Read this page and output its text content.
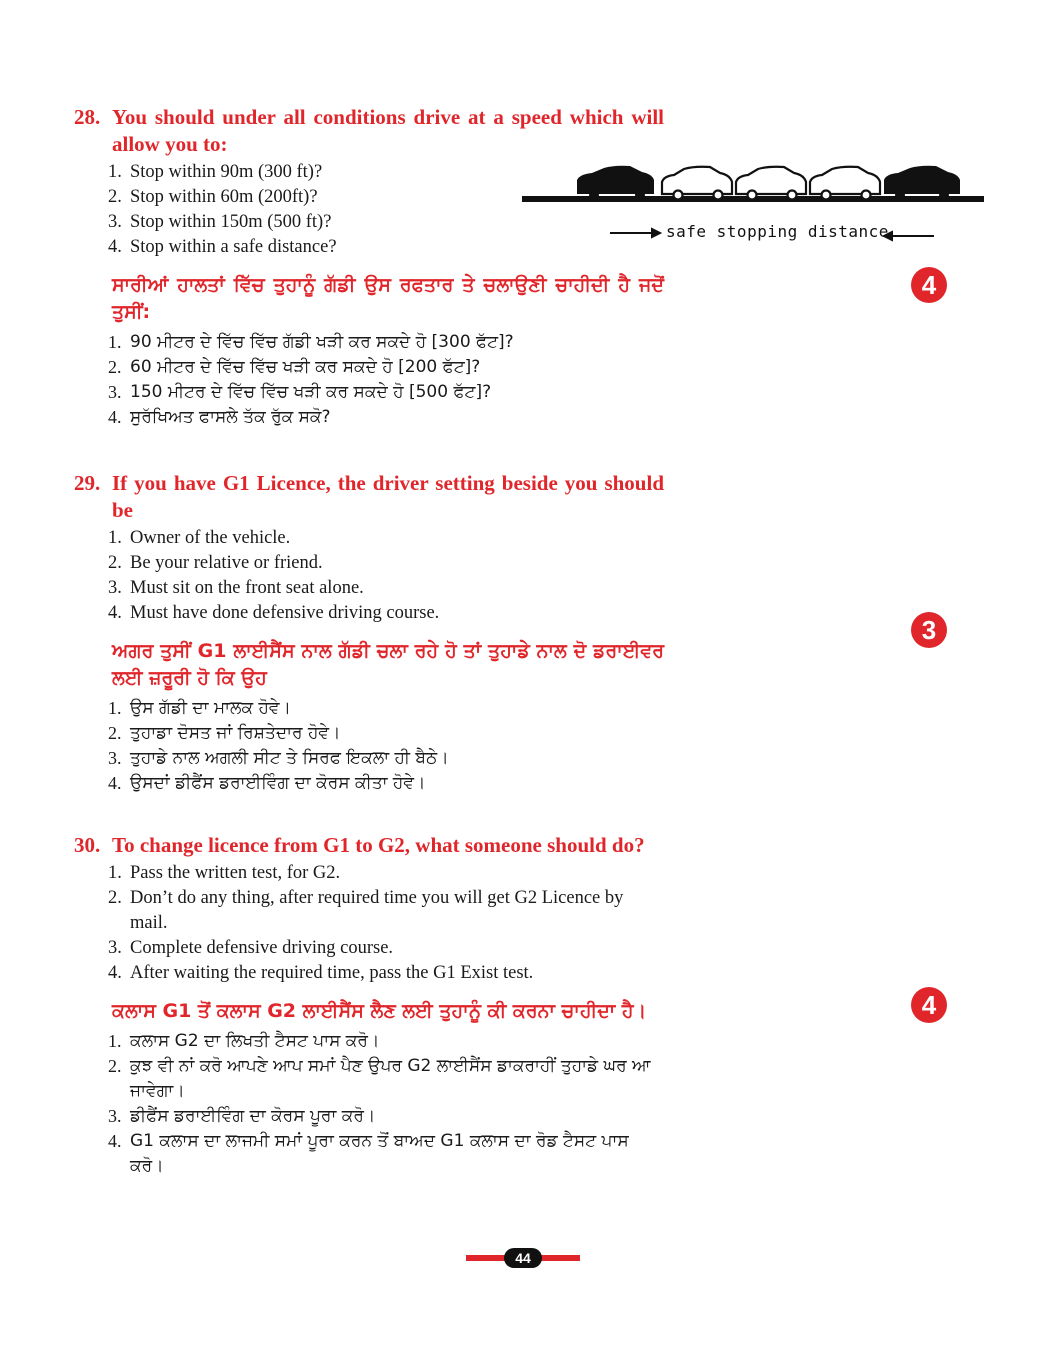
28. You should under all conditions drive at a speed which will allow you to:
1. Stop within 90m (300 ft)?
2. Stop within 60m (200ft)?
3. Stop within 150m (500 ft)?
4. Stop within a safe distance?
ਸਾਰੀਆਂ ਹਾਲਤਾਂ ਵਿੱਚ ਤੁਹਾਨੂੰ ਗੱਡੀ ਉਸ ਰਫਤਾਰ ਤੇ ਚਲਾਉਣੀ ਚਾਹੀਦੀ ਹੈ ਜਦੋਂ ਤੁਸੀਂ:
1. 90 ਮੀਟਰ ਦੇ ਵਿੱਚ ਵਿੱਚ ਗੱਡੀ ਖੜੀ ਕਰ ਸਕਦੇ ਹੋ [300 ਫੱਟ]?
2. 60 ਮੀਟਰ ਦੇ ਵਿੱਚ ਵਿੱਚ ਖੜੀ ਕਰ ਸਕਦੇ ਹੋ [200 ਫੱਟ]?
3. 150 ਮੀਟਰ ਦੇ ਵਿੱਚ ਵਿੱਚ ਖੜੀ ਕਰ ਸਕਦੇ ਹੋ [500 ਫੱਟ]?
4. ਸੁਰੱਖਿਅਤ ਫਾਸਲੇ ਤੱਕ ਰੁੱਕ ਸਕੋ?
4
safe stopping distance
29. If you have G1 Licence, the driver setting beside you should be
1. Owner of the vehicle.
2. Be your relative or friend.
3. Must sit on the front seat alone.
4. Must have done defensive driving course.
ਅਗਰ ਤੁਸੀਂ G1 ਲਾਈਸੈਂਸ ਨਾਲ ਗੱਡੀ ਚਲਾ ਰਹੇ ਹੋ ਤਾਂ ਤੁਹਾਡੇ ਨਾਲ ਦੋ ਡਰਾਈਵਰ ਲਈ ਜ਼ਰੂਰੀ ਹੋ ਕਿ ਉਹ
1. ਉਸ ਗੱਡੀ ਦਾ ਮਾਲਕ ਹੋਵੇ।
2. ਤੁਹਾਡਾ ਦੋਸਤ ਜਾਂ ਰਿਸ਼ਤੇਦਾਰ ਹੋਵੇ।
3. ਤੁਹਾਡੇ ਨਾਲ ਅਗਲੀ ਸੀਟ ਤੇ ਸਿਰਫ ਇਕਲਾ ਹੀ ਬੈਠੇ।
4. ਉਸਦਾਂ ਡੀਫੈਂਸ ਡਰਾਈਵਿੰਗ ਦਾ ਕੋਰਸ ਕੀਤਾ ਹੋਵੇ।
3
30. To change licence from G1 to G2, what someone should do?
1. Pass the written test, for G2.
2. Don’t do any thing, after required time you will get G2 Licence by mail.
3. Complete defensive driving course.
4. After waiting the required time, pass the G1 Exist test.
ਕਲਾਸ G1 ਤੋਂ ਕਲਾਸ G2 ਲਾਈਸੈਂਸ ਲੈਣ ਲਈ ਤੁਹਾਨੂੰ ਕੀ ਕਰਨਾ ਚਾਹੀਦਾ ਹੈ।
1. ਕਲਾਸ G2 ਦਾ ਲਿਖਤੀ ਟੈਸਟ ਪਾਸ ਕਰੋ।
2. ਕੁਝ ਵੀ ਨਾਂ ਕਰੋ ਆਪਣੇ ਆਪ ਸਮਾਂ ਪੈਣ ਉਪਰ G2 ਲਾਈਸੈਂਸ ਡਾਕਰਾਹੀਂ ਤੁਹਾਡੇ ਘਰ ਆ ਜਾਵੇਗਾ।
3. ਡੀਫੈਂਸ ਡਰਾਈਵਿੰਗ ਦਾ ਕੋਰਸ ਪੂਰਾ ਕਰੋ।
4. G1 ਕਲਾਸ ਦਾ ਲਾਜਮੀ ਸਮਾਂ ਪੂਰਾ ਕਰਨ ਤੋਂ ਬਾਅਦ G1 ਕਲਾਸ ਦਾ ਰੋਡ ਟੈਸਟ ਪਾਸ ਕਰੋ।
4
44
